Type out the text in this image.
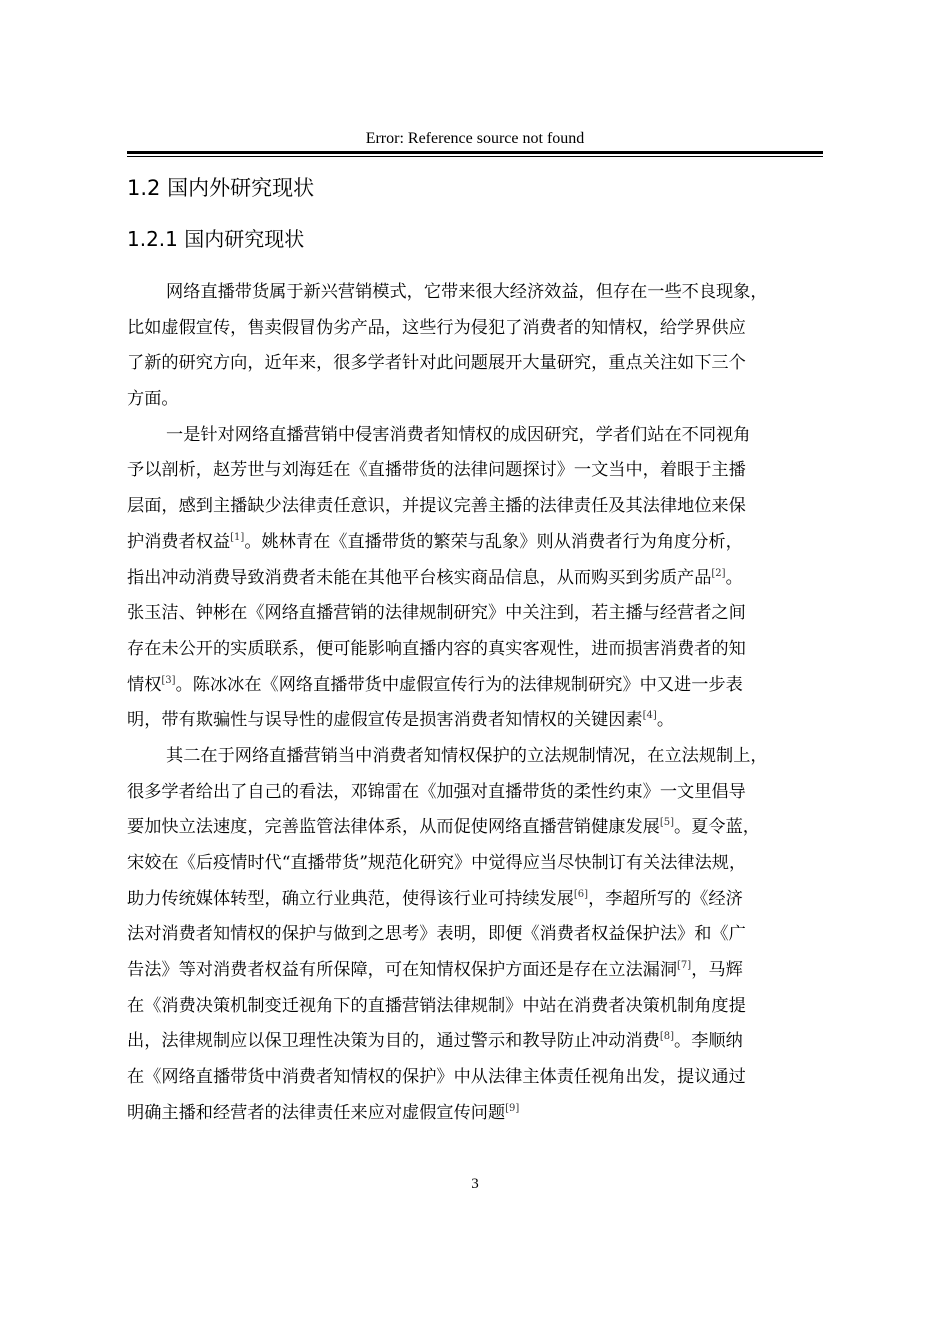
Error: Reference source not found
1.2 国内外研究现状
1.2.1 国内研究现状
网络直播带货属于新兴营销模式，它带来很大经济效益，但存在一些不良现象，
比如虚假宣传，售卖假冒伪劣产品，这些行为侵犯了消费者的知情权，给学界供应
了新的研究方向，近年来，很多学者针对此问题展开大量研究，重点关注如下三个
方面。
一是针对网络直播营销中侵害消费者知情权的成因研究，学者们站在不同视角
予以剖析，赵芳世与刘海廷在《直播带货的法律问题探讨》一文当中，着眼于主播
层面，感到主播缺少法律责任意识，并提议完善主播的法律责任及其法律地位来保
护消费者权益[1]。姚林青在《直播带货的繁荣与乱象》则从消费者行为角度分析，
指出冲动消费导致消费者未能在其他平台核实商品信息，从而购买到劣质产品[2]。
张玉洁、钟彬在《网络直播营销的法律规制研究》中关注到，若主播与经营者之间
存在未公开的实质联系，便可能影响直播内容的真实客观性，进而损害消费者的知
情权[3]。陈冰冰在《网络直播带货中虚假宣传行为的法律规制研究》中又进一步表
明，带有欺骗性与误导性的虚假宣传是损害消费者知情权的关键因素[4]。
其二在于网络直播营销当中消费者知情权保护的立法规制情况，在立法规制上，
很多学者给出了自己的看法，邓锦雷在《加强对直播带货的柔性约束》一文里倡导
要加快立法速度，完善监管法律体系，从而促使网络直播营销健康发展[5]。夏令蓝，
宋姣在《后疫情时代“直播带货”规范化研究》中觉得应当尽快制订有关法律法规，
助力传统媒体转型，确立行业典范，使得该行业可持续发展[6]，李超所写的《经济
法对消费者知情权的保护与做到之思考》表明，即便《消费者权益保护法》和《广
告法》等对消费者权益有所保障，可在知情权保护方面还是存在立法漏洞[7]，马辉
在《消费决策机制变迁视角下的直播营销法律规制》中站在消费者决策机制角度提
出，法律规制应以保卫理性决策为目的，通过警示和教导防止冲动消费[8]。李顺纳
在《网络直播带货中消费者知情权的保护》中从法律主体责任视角出发，提议通过
明确主播和经营者的法律责任来应对虚假宣传问题[9]
3
